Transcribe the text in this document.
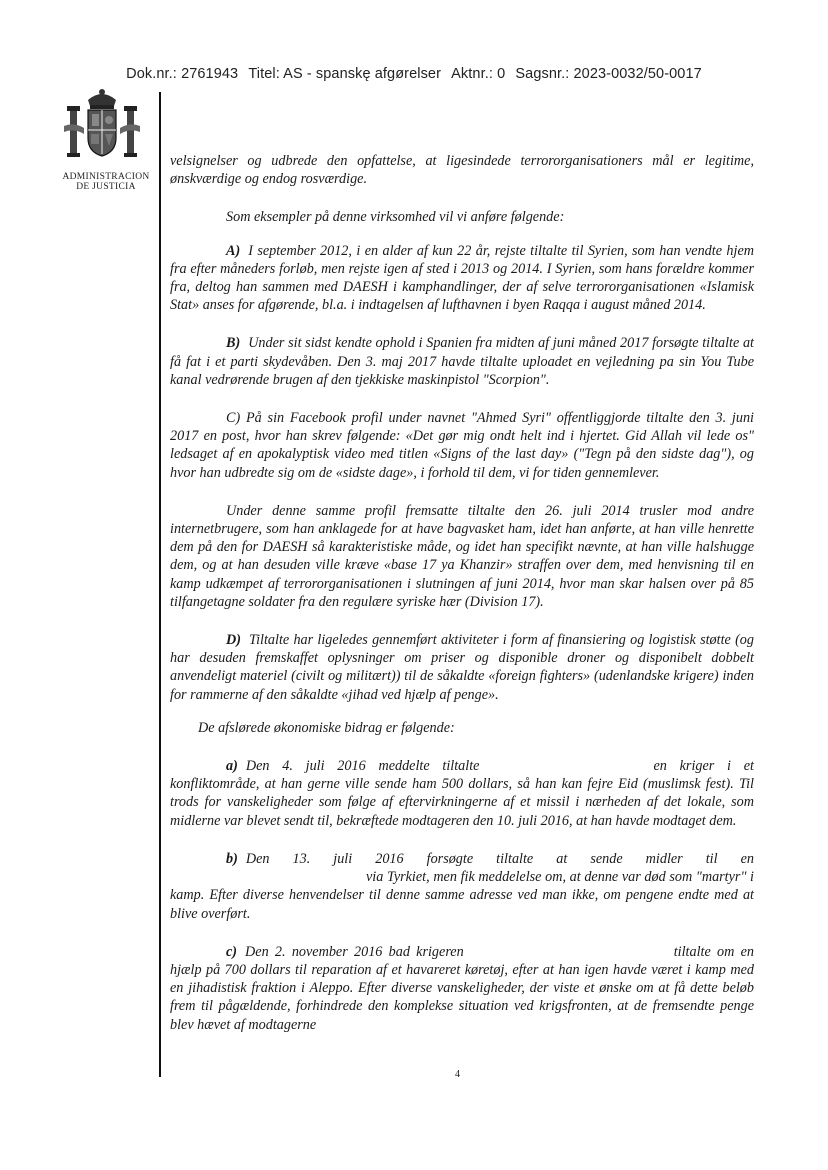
Dok.nr.: 2761943 Titel: AS - spanskę afgørelser Aktnr.: 0 Sagsnr.: 2023-0032/50-0017
ADMINISTRACION
DE JUSTICIA

velsignelser og udbrede den opfattelse, at ligesindede terrororganisationers mål er legitime, ønskværdige og endog rosværdige.

Som eksempler på denne virksomhed vil vi anføre følgende:

A) I september 2012, i en alder af kun 22 år, rejste tiltalte til Syrien, som han vendte hjem fra efter måneders forløb, men rejste igen af sted i 2013 og 2014. I Syrien, som hans forældre kommer fra, deltog han sammen med DAESH i kamphandlinger, der af selve terrororganisationen «Islamisk Stat» anses for afgørende, bl.a. i indtagelsen af lufthavnen i byen Raqqa i august måned 2014.

B) Under sit sidst kendte ophold i Spanien fra midten af juni måned 2017 forsøgte tiltalte at få fat i et parti skydevåben. Den 3. maj 2017 havde tiltalte uploadet en vejledning pa sin You Tube kanal vedrørende brugen af den tjekkiske maskinpistol "Scorpion".

C) På sin Facebook profil under navnet "Ahmed Syri" offentliggjorde tiltalte den 3. juni 2017 en post, hvor han skrev følgende: «Det gør mig ondt helt ind i hjertet. Gid Allah vil lede os" ledsaget af en apokalyptisk video med titlen «Signs of the last day» ("Tegn på den sidste dag"), og hvor han udbredte sig om de «sidste dage», i forhold til dem, vi for tiden gennemlever.

Under denne samme profil fremsatte tiltalte den 26. juli 2014 trusler mod andre internetbrugere, som han anklagede for at have bagvasket ham, idet han anførte, at han ville henrette dem på den for DAESH så karakteristiske måde, og idet han specifikt nævnte, at han ville halshugge dem, og at han desuden ville kræve «base 17 ya Khanzir» straffen over dem, med henvisning til en kamp udkæmpet af terrororganisationen i slutningen af juni 2014, hvor man skar halsen over på 85 tilfangetagne soldater fra den regulære syriske hær (Division 17).

D) Tiltalte har ligeledes gennemført aktiviteter i form af finansiering og logistisk støtte (og har desuden fremskaffet oplysninger om priser og disponible droner og disponibelt dobbelt anvendeligt materiel (civilt og militært)) til de såkaldte «foreign fighters» (udenlandske krigere) inden for rammerne af den såkaldte «jihad ved hjælp af penge».

De afslørede økonomiske bidrag er følgende:

a) Den 4. juli 2016 meddelte tiltalte	en kriger i et konfliktområde, at han gerne ville sende ham 500 dollars, så han kan fejre Eid (muslimsk fest). Til trods for vanskeligheder som følge af eftervirkningerne af et missil i nærheden af det lokale, som midlerne var blevet sendt til, bekræftede modtageren den 10. juli 2016, at han havde modtaget dem.

b) Den 13. juli 2016 forsøgte tiltalte at sende midler til envia Tyrkiet, men fik meddelelse om, at denne var død som "martyr" i kamp. Efter diverse henvendelser til denne samme adresse ved man ikke, om pengene endte med at blive overført.

c) Den 2. november 2016 bad krigeren	tiltalte om en hjælp på 700 dollars til reparation af et havareret køretøj, efter at han igen havde været i kamp med en jihadistisk fraktion i Aleppo. Efter diverse vanskeligheder, der viste et ønske om at få dette beløb frem til pågældende, forhindrede den komplekse situation ved krigsfronten, at de fremsendte penge blev hævet af modtagerne

4
